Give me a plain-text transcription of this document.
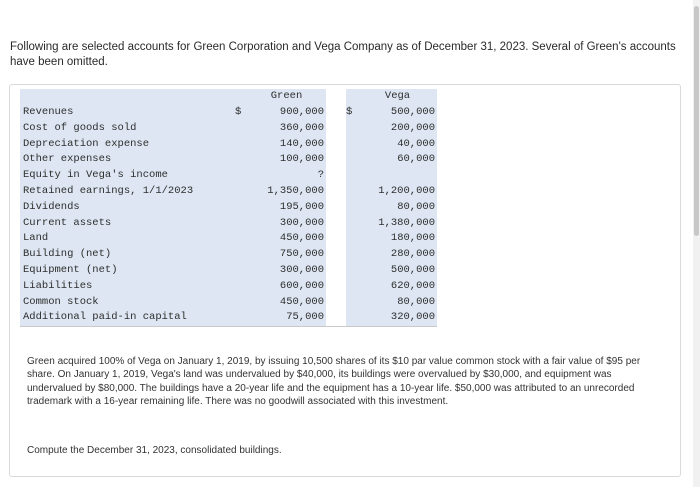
Following are selected accounts for Green Corporation and Vega Company as of December 31, 2023. Several of Green's accounts have been omitted.
		Green			Vega
Revenues	$	900,000		$	500,000
Cost of goods sold		360,000			200,000
Depreciation expense		140,000			40,000
Other expenses		100,000			60,000
Equity in Vega's income		?			
Retained earnings, 1/1/2023		1,350,000			1,200,000
Dividends		195,000			80,000
Current assets		300,000			1,380,000
Land		450,000			180,000
Building (net)		750,000			280,000
Equipment (net)		300,000			500,000
Liabilities		600,000			620,000
Common stock		450,000			80,000
Additional paid-in capital		75,000			320,000
Green acquired 100% of Vega on January 1, 2019, by issuing 10,500 shares of its $10 par value common stock with a fair value of $95 per share. On January 1, 2019, Vega's land was undervalued by $40,000, its buildings were overvalued by $30,000, and equipment was undervalued by $80,000. The buildings have a 20-year life and the equipment has a 10-year life. $50,000 was attributed to an unrecorded trademark with a 16-year remaining life. There was no goodwill associated with this investment.
Compute the December 31, 2023, consolidated buildings.
